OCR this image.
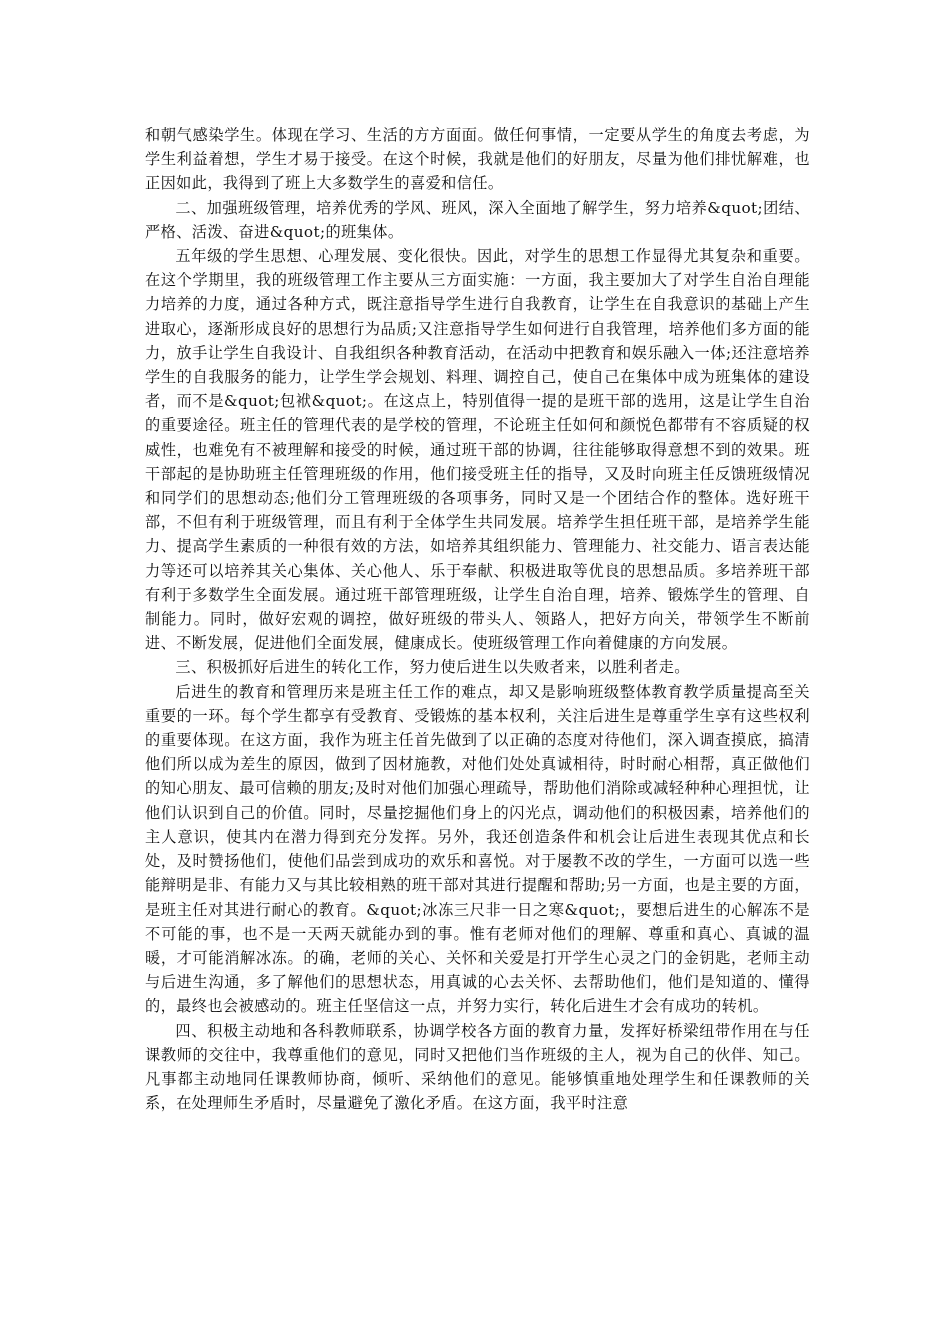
和朝气感染学生。体现在学习、生活的方方面面。做任何事情，一定要从学生的角度去考虑，为学生利益着想，学生才易于接受。在这个时候，我就是他们的好朋友，尽量为他们排忧解难，也正因如此，我得到了班上大多数学生的喜爱和信任。

二、加强班级管理，培养优秀的学风、班风，深入全面地了解学生，努力培养&quot;团结、严格、活泼、奋进&quot;的班集体。

五年级的学生思想、心理发展、变化很快。因此，对学生的思想工作显得尤其复杂和重要。在这个学期里，我的班级管理工作主要从三方面实施：一方面，我主要加大了对学生自治自理能力培养的力度，通过各种方式，既注意指导学生进行自我教育，让学生在自我意识的基础上产生进取心，逐渐形成良好的思想行为品质;又注意指导学生如何进行自我管理，培养他们多方面的能力，放手让学生自我设计、自我组织各种教育活动，在活动中把教育和娱乐融入一体;还注意培养学生的自我服务的能力，让学生学会规划、料理、调控自己，使自己在集体中成为班集体的建设者，而不是&quot;包袱&quot;。在这点上，特别值得一提的是班干部的选用，这是让学生自治的重要途径。班主任的管理代表的是学校的管理，不论班主任如何和颜悦色都带有不容质疑的权威性，也难免有不被理解和接受的时候，通过班干部的协调，往往能够取得意想不到的效果。班干部起的是协助班主任管理班级的作用，他们接受班主任的指导，又及时向班主任反馈班级情况和同学们的思想动态;他们分工管理班级的各项事务，同时又是一个团结合作的整体。选好班干部，不但有利于班级管理，而且有利于全体学生共同发展。培养学生担任班干部，是培养学生能力、提高学生素质的一种很有效的方法，如培养其组织能力、管理能力、社交能力、语言表达能力等还可以培养其关心集体、关心他人、乐于奉献、积极进取等优良的思想品质。多培养班干部有利于多数学生全面发展。通过班干部管理班级，让学生自治自理，培养、锻炼学生的管理、自制能力。同时，做好宏观的调控，做好班级的带头人、领路人，把好方向关，带领学生不断前进、不断发展，促进他们全面发展，健康成长。使班级管理工作向着健康的方向发展。

三、积极抓好后进生的转化工作，努力使后进生以失败者来，以胜利者走。

后进生的教育和管理历来是班主任工作的难点，却又是影响班级整体教育教学质量提高至关重要的一环。每个学生都享有受教育、受锻炼的基本权利，关注后进生是尊重学生享有这些权利的重要体现。在这方面，我作为班主任首先做到了以正确的态度对待他们，深入调查摸底，搞清他们所以成为差生的原因，做到了因材施教，对他们处处真诚相待，时时耐心相帮，真正做他们的知心朋友、最可信赖的朋友;及时对他们加强心理疏导，帮助他们消除或减轻种种心理担忧，让他们认识到自己的价值。同时，尽量挖掘他们身上的闪光点，调动他们的积极因素，培养他们的主人意识，使其内在潜力得到充分发挥。另外，我还创造条件和机会让后进生表现其优点和长处，及时赞扬他们，使他们品尝到成功的欢乐和喜悦。对于屡教不改的学生，一方面可以选一些能辩明是非、有能力又与其比较相熟的班干部对其进行提醒和帮助;另一方面，也是主要的方面，是班主任对其进行耐心的教育。&quot;冰冻三尺非一日之寒&quot;，要想后进生的心解冻不是不可能的事，也不是一天两天就能办到的事。惟有老师对他们的理解、尊重和真心、真诚的温暖，才可能消解冰冻。的确，老师的关心、关怀和关爱是打开学生心灵之门的金钥匙，老师主动与后进生沟通，多了解他们的思想状态，用真诚的心去关怀、去帮助他们，他们是知道的、懂得的，最终也会被感动的。班主任坚信这一点，并努力实行，转化后进生才会有成功的转机。

四、积极主动地和各科教师联系，协调学校各方面的教育力量，发挥好桥梁纽带作用在与任课教师的交往中，我尊重他们的意见，同时又把他们当作班级的主人，视为自己的伙伴、知己。凡事都主动地同任课教师协商，倾听、采纳他们的意见。能够慎重地处理学生和任课教师的关系，在处理师生矛盾时，尽量避免了激化矛盾。在这方面，我平时注意
